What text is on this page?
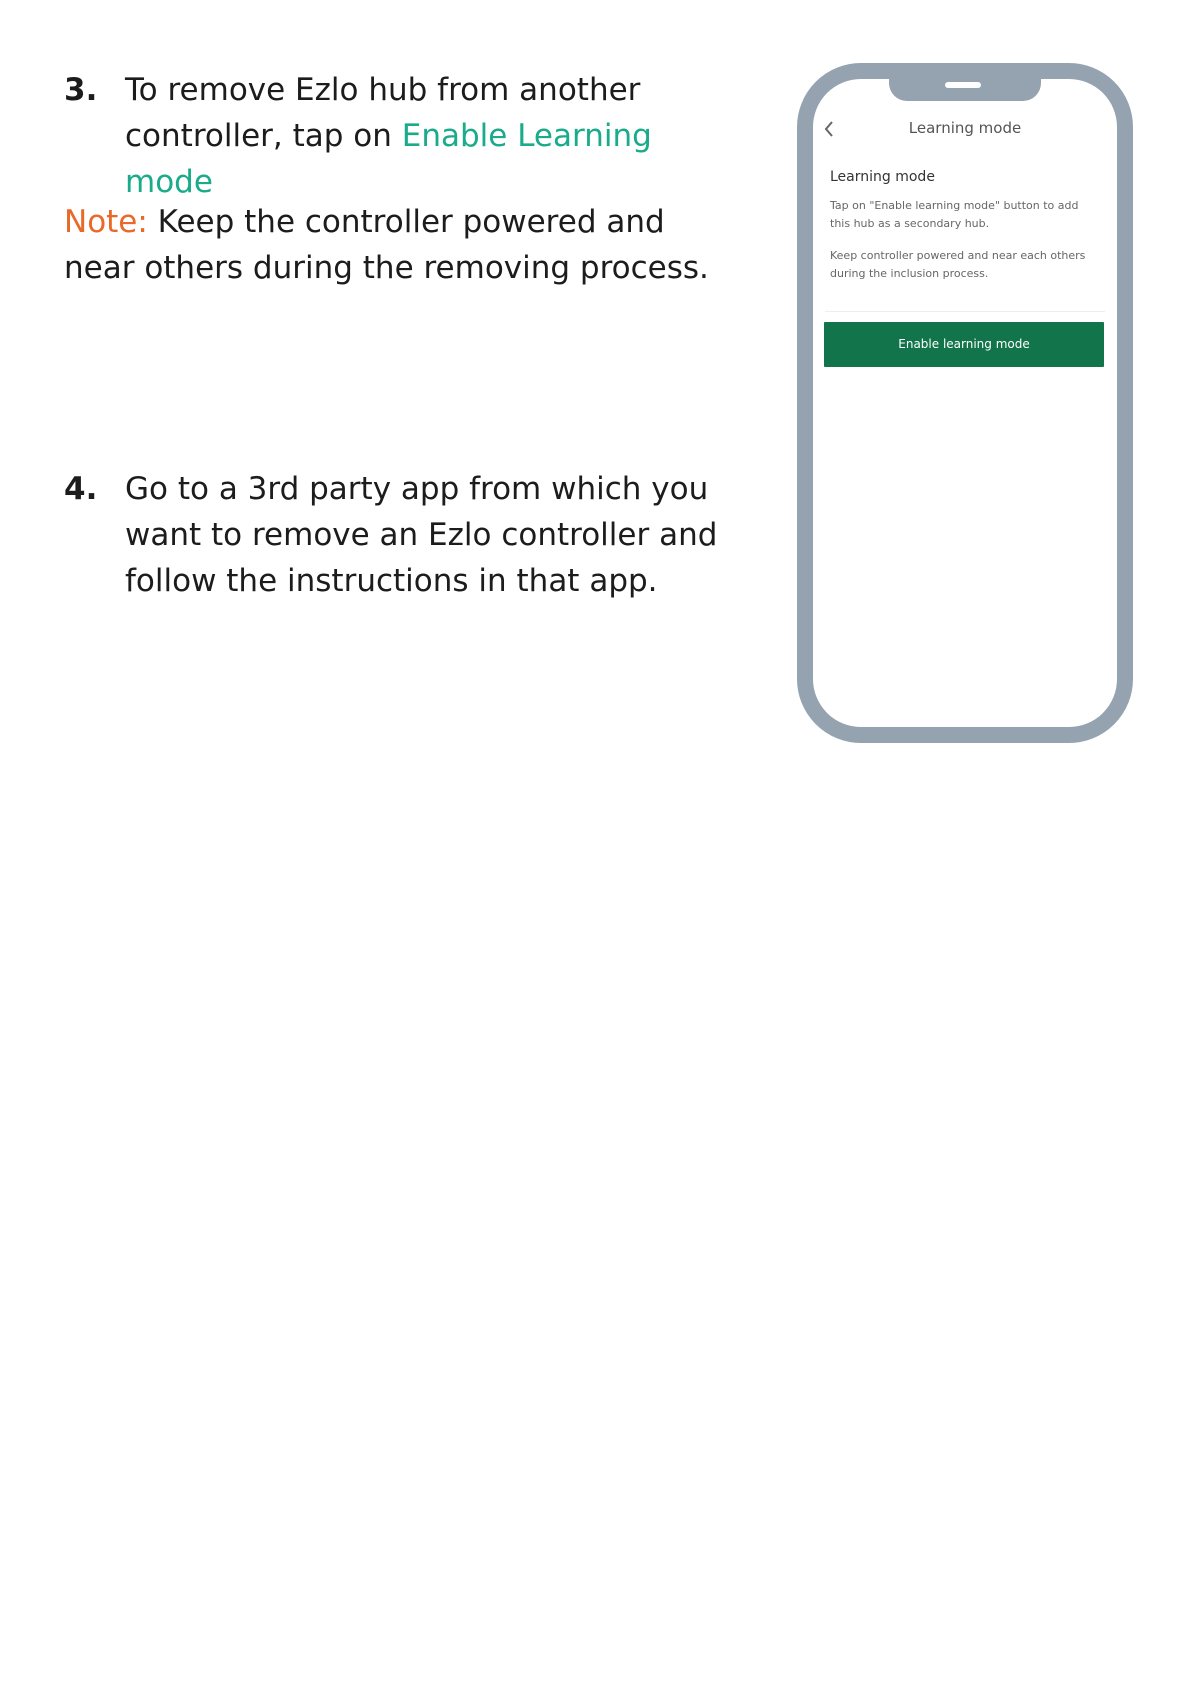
3. To remove Ezlo hub from another controller, tap on Enable Learning mode
Note: Keep the controller powered and near others during the removing process.
4. Go to a 3rd party app from which you want to remove an Ezlo controller and follow the instructions in that app.
Learning mode
Learning mode

Tap on "Enable learning mode" button to add this hub as a secondary hub.

Keep controller powered and near each others during the inclusion process.

Enable learning mode
